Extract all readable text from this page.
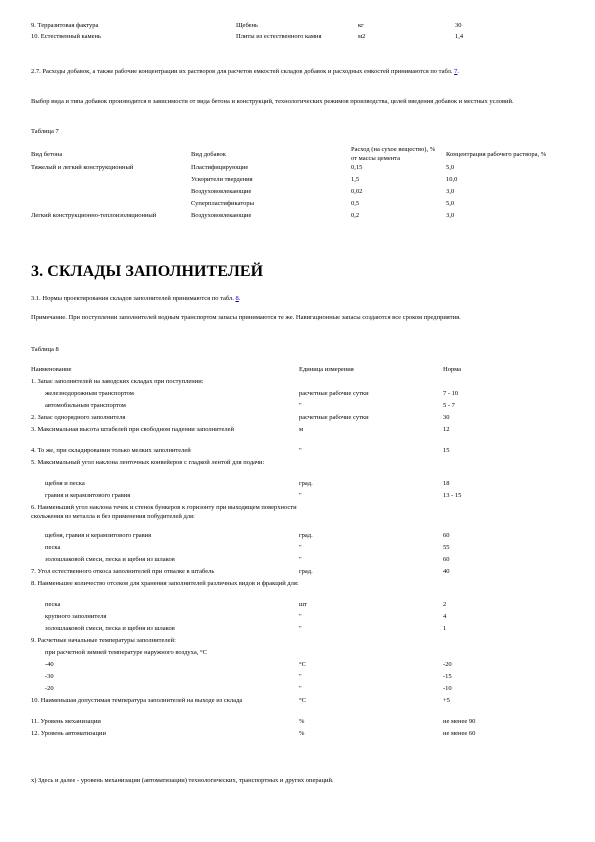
9. Терразитовая фактура	Щебень	кг	30
10. Естественный камень	Плиты из естественного камня	м2	1,4

2.7. Расходы добавок, а также рабочие концентрации их растворов для расчетов емкостей складов добавок и расходных емкостей принимаются по табл. 7.

Выбор вида и типа добавок производится в зависимости от вида бетона и конструкций, технологических режимов производства, целей введения добавок и местных условий.

Таблица 7

Вид бетона	Вид добавок	Расход (на сухое вещество), % от массы цемента	Концентрация рабочего раствора, %
Тяжелый и легкий конструкционный	Пластифицирующие	0,15	5,0
	Ускорители твердения	1,5	10,0
	Воздухововлекающие	0,02	3,0
	Суперпластификаторы	0,5	5,0
Легкий конструкционно-теплоизоляционный	Воздухововлекающие	0,2	3,0
3. СКЛАДЫ ЗАПОЛНИТЕЛЕЙ

3.1. Нормы проектирования складов заполнителей принимаются по табл. 8.

Примечание. При поступлении заполнителей водным транспортом запасы принимаются те же. Навигационные запасы создаются все сроком предприятия.

Таблица 8

Наименование	Единица измерения	Норма
1. Запас заполнителей на заводских складах при поступлении:		
железнодорожным транспортом	расчетные рабочие сутки	7 - 10
автомобильным транспортом	"	5 - 7
2. Запас однорядного заполнителя	расчетные рабочие сутки	30
3. Максимальная высота штабелей при свободном падении заполнителей	м	12
4. То же, при складировании только мелких заполнителей	"	15
5. Максимальный угол наклона ленточных конвейеров с гладкой лентой для подачи:		
щебня и песка	град.	18
гравия и керамзитового гравия	"	13 - 15
6. Наименьший угол наклона течек и стенок бункеров к горизонту при выходящем поверхности скольжения из металла и без применения побудителей для:		
щебня, гравия и керамзитового гравия	град.	60
песка	"	55
золошлаковой смеси, песка и щебня из шлаков	"	60
7. Угол естественного откоса заполнителей при отвалке в штабель	град.	40
8. Наименьшее количество отсеков для хранения заполнителей различных видов и фракций для:		
песка	шт	2
крупного заполнителя	"	4
золошлаковой смеси, песка и щебня из шлаков	"	1
9. Расчетные начальные температуры заполнителей:		
при расчетной зимней температуре наружного воздуха, °С		
-40	°С	-20
-30	"	-15
-20	"	-10
10. Наименьшая допустимая температура заполнителей на выходе из склада	°С	+5
11. Уровень механизации	%	не менее 90
12. Уровень автоматизации	%	не менее 60

x) Здесь и далее - уровень механизации (автоматизации) технологических, транспортных и других операций.
